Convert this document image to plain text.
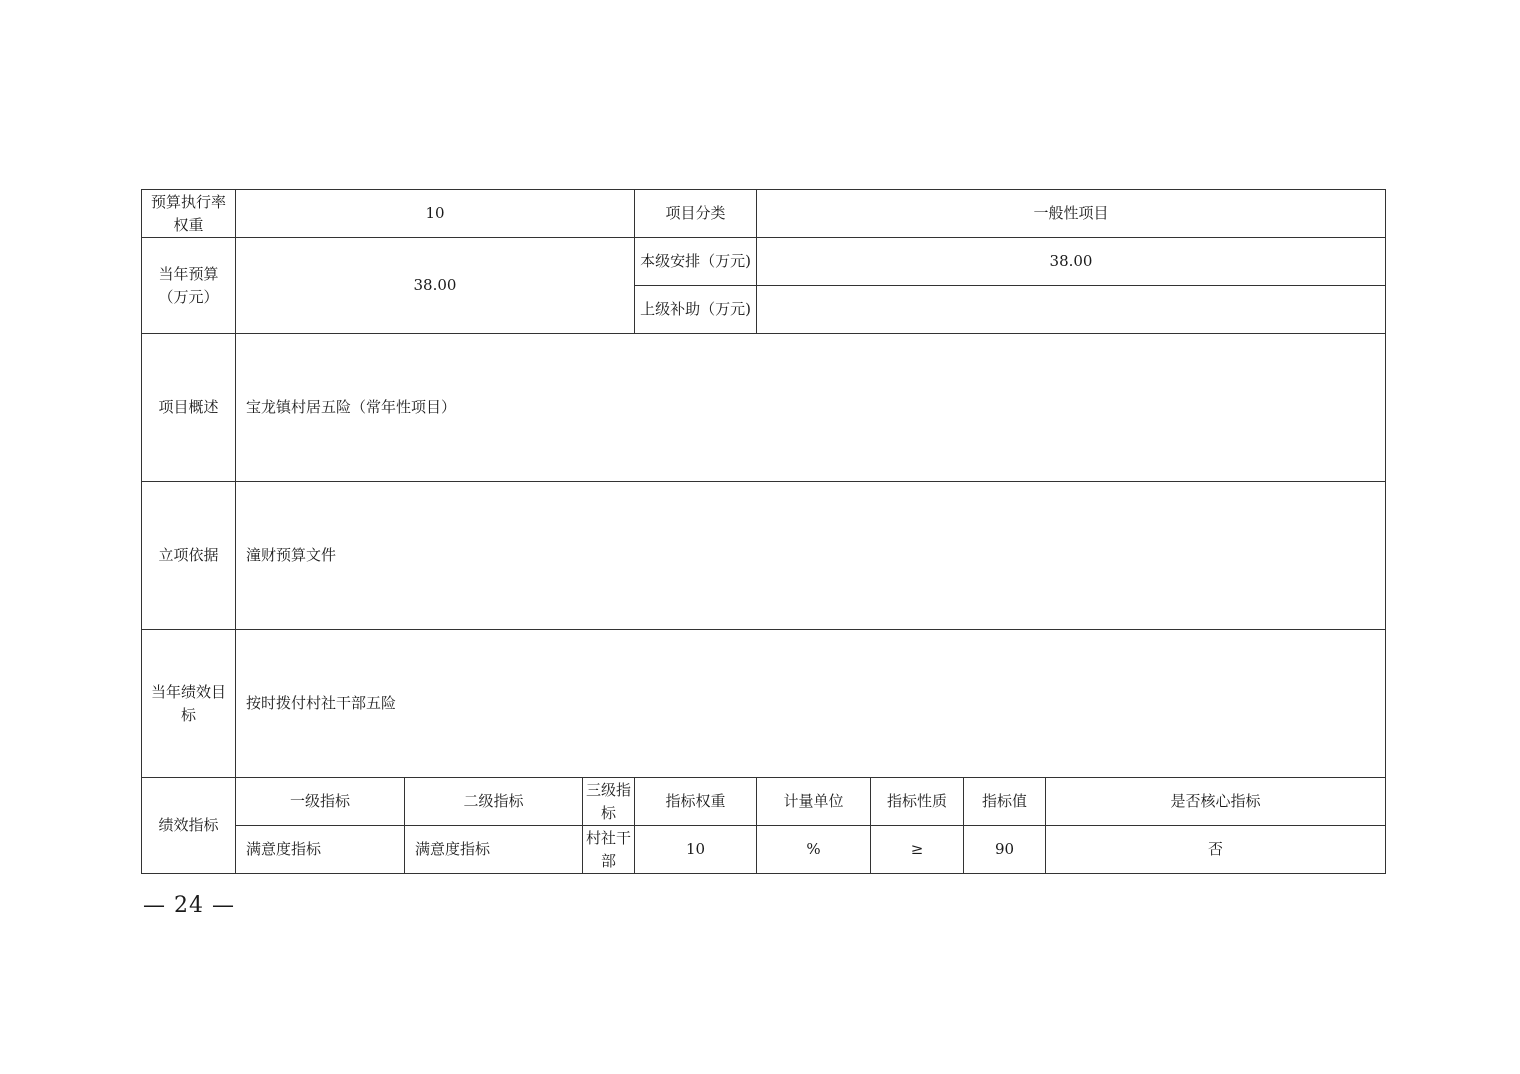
预算执行率权重	10			项目分类	一般性项目			
当年预算（万元）	38.00			本级安排（万元)	38.00			
				上级补助（万元)				
项目概述	宝龙镇村居五险（常年性项目）							
立项依据	潼财预算文件							
当年绩效目标	按时拨付村社干部五险							
绩效指标	一级指标	二级指标	三级指标	指标权重	计量单位	指标性质	指标值	是否核心指标
	满意度指标	满意度指标	村社干部	10	%	≥	90	否
— 24 —
